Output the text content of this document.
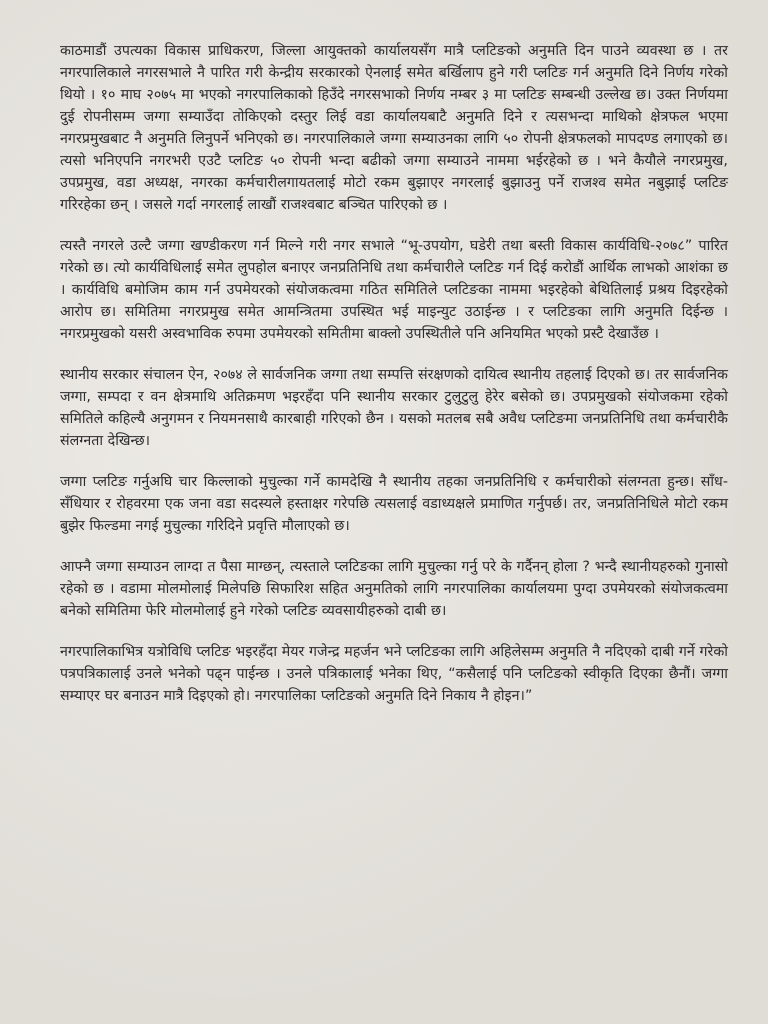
काठमाडौं उपत्यका विकास प्राधिकरण, जिल्ला आयुक्तको कार्यालयसँग मात्रै प्लटिङको अनुमति दिन पाउने व्यवस्था छ । तर नगरपालिकाले नगरसभाले नै पारित गरी केन्द्रीय सरकारको ऐनलाई समेत बर्खिलाप हुने गरी प्लटिङ गर्न अनुमति दिने निर्णय गरेको थियो । १० माघ २०७५ मा भएको नगरपालिकाको हिउँदे नगरसभाको निर्णय नम्बर ३ मा प्लटिङ सम्बन्धी उल्लेख छ। उक्त निर्णयमा दुई रोपनीसम्म जग्गा सम्याउँदा तोकिएको दस्तुर लिई वडा कार्यालयबाटै अनुमति दिने र त्यसभन्दा माथिको क्षेत्रफल भएमा नगरप्रमुखबाट नै अनुमति लिनुपर्ने भनिएको छ। नगरपालिकाले जग्गा सम्याउनका लागि ५० रोपनी क्षेत्रफलको मापदण्ड लगाएको छ। त्यसो भनिएपनि नगरभरी एउटै प्लटिङ ५० रोपनी भन्दा बढीको जग्गा सम्याउने नाममा भईरहेको छ । भने कैयौले नगरप्रमुख, उपप्रमुख, वडा अध्यक्ष, नगरका कर्मचारीलगायतलाई मोटो रकम बुझाएर नगरलाई बुझाउनु पर्ने राजश्व समेत नबुझाई प्लटिङ गरिरहेका छन् । जसले गर्दा नगरलाई लाखौं राजश्वबाट बञ्चित पारिएको छ ।

त्यस्तै नगरले उल्टै जग्गा खण्डीकरण गर्न मिल्ने गरी नगर सभाले “भू-उपयोग, घडेरी तथा बस्ती विकास कार्यविधि-२०७८” पारित गरेको छ। त्यो कार्यविधिलाई समेत लुपहोल बनाएर जनप्रतिनिधि तथा कर्मचारीले प्लटिङ गर्न दिई करोडौं आर्थिक लाभको आशंका छ । कार्यविधि बमोजिम काम गर्न उपमेयरको संयोजकत्वमा गठित समितिले प्लटिङका नाममा भइरहेको बेथितिलाई प्रश्रय दिइरहेको आरोप छ। समितिमा नगरप्रमुख समेत आमन्त्रितमा उपस्थित भई माइन्युट उठाईन्छ । र प्लटिङका लागि अनुमति दिईन्छ । नगरप्रमुखको यसरी अस्वभाविक रुपमा उपमेयरको समितीमा बाक्लो उपस्थितीले पनि अनियमित भएको प्रस्टै देखाउँछ ।

स्थानीय सरकार संचालन ऐन, २०७४ ले सार्वजनिक जग्गा तथा सम्पत्ति संरक्षणको दायित्व स्थानीय तहलाई दिएको छ। तर सार्वजनिक जग्गा, सम्पदा र वन क्षेत्रमाथि अतिक्रमण भइरहँदा पनि स्थानीय सरकार टुलुटुलु हेरेर बसेको छ। उपप्रमुखको संयोजकमा रहेको समितिले कहिल्यै अनुगमन र नियमनसाथै कारबाही गरिएको छैन । यसको मतलब सबै अवैध प्लटिङमा जनप्रतिनिधि तथा कर्मचारीकै संलग्नता देखिन्छ।

जग्गा प्लटिङ गर्नुअघि चार किल्लाको मुचुल्का गर्ने कामदेखि नै स्थानीय तहका जनप्रतिनिधि र कर्मचारीको संलग्नता हुन्छ। साँध-सँधियार र रोहवरमा एक जना वडा सदस्यले हस्ताक्षर गरेपछि त्यसलाई वडाध्यक्षले प्रमाणित गर्नुपर्छ। तर, जनप्रतिनिधिले मोटो रकम बुझेर फिल्डमा नगई मुचुल्का गरिदिने प्रवृत्ति मौलाएको छ।

आफ्नै जग्गा सम्याउन लाग्दा त पैसा माग्छन्, त्यस्ताले प्लटिङका लागि मुचुल्का गर्नु परे के गर्दैनन् होला ? भन्दै स्थानीयहरुको गुनासो रहेको छ । वडामा मोलमोलाई मिलेपछि सिफारिश सहित अनुमतिको लागि नगरपालिका कार्यालयमा पुग्दा उपमेयरको संयोजकत्वमा बनेको समितिमा फेरि मोलमोलाई हुने गरेको प्लटिङ व्यवसायीहरुको दाबी छ।

नगरपालिकाभित्र यत्रोविधि प्लटिङ भइरहँदा मेयर गजेन्द्र महर्जन भने प्लटिङका लागि अहिलेसम्म अनुमति नै नदिएको दाबी गर्ने गरेको पत्रपत्रिकालाई उनले भनेको पढ्न पाईन्छ । उनले पत्रिकालाई भनेका थिए, “कसैलाई पनि प्लटिङको स्वीकृति दिएका छैनौं। जग्गा सम्याएर घर बनाउन मात्रै दिइएको हो। नगरपालिका प्लटिङको अनुमति दिने निकाय नै होइन।”
